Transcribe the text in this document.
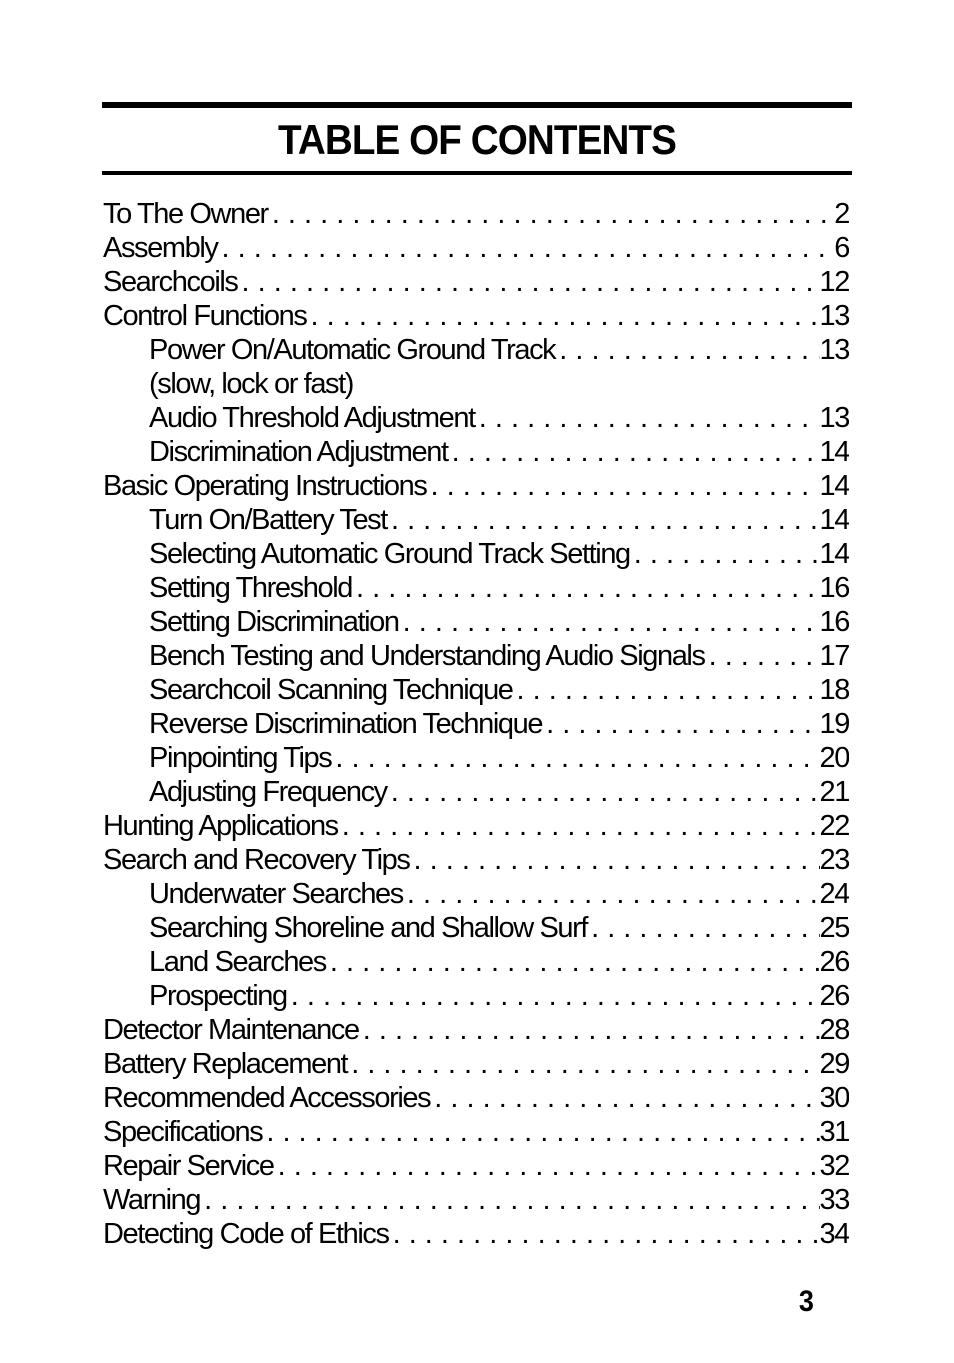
TABLE OF CONTENTS
To The Owner . . .	2
Assembly . . .	6
Searchcoils . . .	12
Control Functions . . .	13
Power On/Automatic Ground Track . . .	13
(slow, lock or fast)
Audio Threshold Adjustment . . .	13
Discrimination Adjustment . . .	14
Basic Operating Instructions . . .	14
Turn On/Battery Test . . .	14
Selecting Automatic Ground Track Setting . . .	14
Setting Threshold . . .	16
Setting Discrimination . . .	16
Bench Testing and Understanding Audio Signals . . .	17
Searchcoil Scanning Technique . . .	18
Reverse Discrimination Technique . . .	19
Pinpointing Tips . . .	20
Adjusting Frequency . . .	21
Hunting Applications . . .	22
Search and Recovery Tips . . .	23
Underwater Searches . . .	24
Searching Shoreline and Shallow Surf . . .	25
Land Searches . . .	26
Prospecting . . .	26
Detector Maintenance . . .	28
Battery Replacement . . .	29
Recommended Accessories . . .	30
Specifications . . .	31
Repair Service . . .	32
Warning . . .	33
Detecting Code of Ethics . . .	34
3
